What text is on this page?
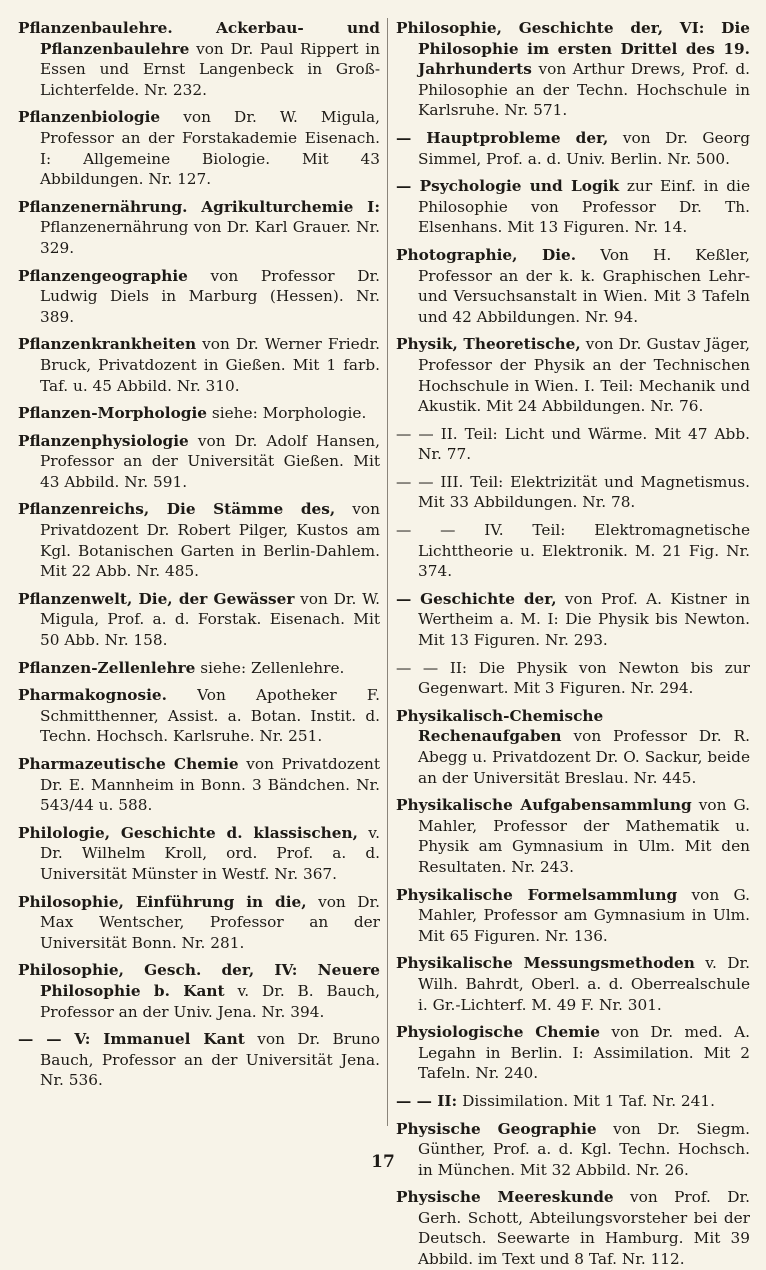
Pflanzenbaulehre. Ackerbau- und Pflanzenbaulehre von Dr. Paul Rippert in Essen und Ernst Langenbeck in Groß-Lichterfelde. Nr. 232.

Pflanzenbiologie von Dr. W. Migula, Professor an der Forstakademie Eisenach. I: Allgemeine Biologie. Mit 43 Abbildungen. Nr. 127.

Pflanzenernährung. Agrikulturchemie I: Pflanzenernährung von Dr. Karl Grauer. Nr. 329.

Pflanzengeographie von Professor Dr. Ludwig Diels in Marburg (Hessen). Nr. 389.

Pflanzenkrankheiten von Dr. Werner Friedr. Bruck, Privatdozent in Gießen. Mit 1 farb. Taf. u. 45 Abbild. Nr. 310.

Pflanzen-Morphologie siehe: Morphologie.

Pflanzenphysiologie von Dr. Adolf Hansen, Professor an der Universität Gießen. Mit 43 Abbild. Nr. 591.

Pflanzenreichs, Die Stämme des, von Privatdozent Dr. Robert Pilger, Kustos am Kgl. Botanischen Garten in Berlin-Dahlem. Mit 22 Abb. Nr. 485.

Pflanzenwelt, Die, der Gewässer von Dr. W. Migula, Prof. a. d. Forstak. Eisenach. Mit 50 Abb. Nr. 158.

Pflanzen-Zellenlehre siehe: Zellenlehre.

Pharmakognosie. Von Apotheker F. Schmitthenner, Assist. a. Botan. Instit. d. Techn. Hochsch. Karlsruhe. Nr. 251.

Pharmazeutische Chemie von Privatdozent Dr. E. Mannheim in Bonn. 3 Bändchen. Nr. 543/44 u. 588.

Philologie, Geschichte d. klassischen, v. Dr. Wilhelm Kroll, ord. Prof. a. d. Universität Münster in Westf. Nr. 367.

Philosophie, Einführung in die, von Dr. Max Wentscher, Professor an der Universität Bonn. Nr. 281.

Philosophie, Gesch. der, IV: Neuere Philosophie b. Kant v. Dr. B. Bauch, Professor an der Univ. Jena. Nr. 394.

— — V: Immanuel Kant von Dr. Bruno Bauch, Professor an der Universität Jena. Nr. 536.

Philosophie, Geschichte der, VI: Die Philosophie im ersten Drittel des 19. Jahrhunderts von Arthur Drews, Prof. d. Philosophie an der Techn. Hochschule in Karlsruhe. Nr. 571.

— Hauptprobleme der, von Dr. Georg Simmel, Prof. a. d. Univ. Berlin. Nr. 500.

— Psychologie und Logik zur Einf. in die Philosophie von Professor Dr. Th. Elsenhans. Mit 13 Figuren. Nr. 14.

Photographie, Die. Von H. Keßler, Professor an der k. k. Graphischen Lehr- und Versuchsanstalt in Wien. Mit 3 Tafeln und 42 Abbildungen. Nr. 94.

Physik, Theoretische, von Dr. Gustav Jäger, Professor der Physik an der Technischen Hochschule in Wien. I. Teil: Mechanik und Akustik. Mit 24 Abbildungen. Nr. 76.

— — II. Teil: Licht und Wärme. Mit 47 Abb. Nr. 77.

— — III. Teil: Elektrizität und Magnetismus. Mit 33 Abbildungen. Nr. 78.

— — IV. Teil: Elektromagnetische Lichttheorie u. Elektronik. M. 21 Fig. Nr. 374.

— Geschichte der, von Prof. A. Kistner in Wertheim a. M. I: Die Physik bis Newton. Mit 13 Figuren. Nr. 293.

— — II: Die Physik von Newton bis zur Gegenwart. Mit 3 Figuren. Nr. 294.

Physikalisch-Chemische Rechenaufgaben von Professor Dr. R. Abegg u. Privatdozent Dr. O. Sackur, beide an der Universität Breslau. Nr. 445.

Physikalische Aufgabensammlung von G. Mahler, Professor der Mathematik u. Physik am Gymnasium in Ulm. Mit den Resultaten. Nr. 243.

Physikalische Formelsammlung von G. Mahler, Professor am Gymnasium in Ulm. Mit 65 Figuren. Nr. 136.

Physikalische Messungsmethoden v. Dr. Wilh. Bahrdt, Oberl. a. d. Oberrealschule i. Gr.-Lichterf. M. 49 F. Nr. 301.

Physiologische Chemie von Dr. med. A. Legahn in Berlin. I: Assimilation. Mit 2 Tafeln. Nr. 240.

— — II: Dissimilation. Mit 1 Taf. Nr. 241.

Physische Geographie von Dr. Siegm. Günther, Prof. a. d. Kgl. Techn. Hochsch. in München. Mit 32 Abbild. Nr. 26.

Physische Meereskunde von Prof. Dr. Gerh. Schott, Abteilungsvorsteher bei der Deutsch. Seewarte in Hamburg. Mit 39 Abbild. im Text und 8 Taf. Nr. 112.

17
